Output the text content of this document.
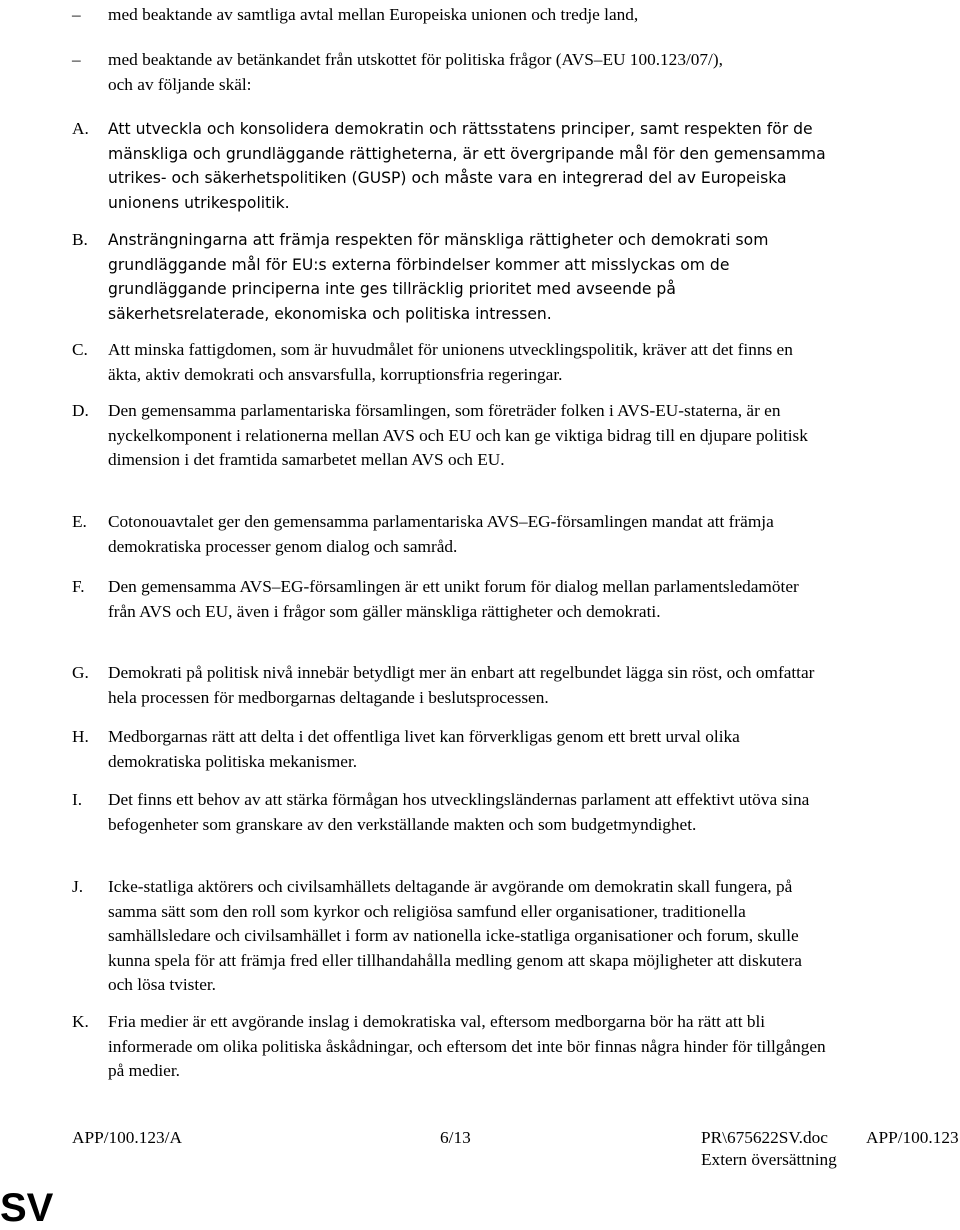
–	med beaktande av samtliga avtal mellan Europeiska unionen och tredje land,
–	med beaktande av betänkandet från utskottet för politiska frågor (AVS–EU 100.123/07/), och av följande skäl:
A.	Att utveckla och konsolidera demokratin och rättsstatens principer, samt respekten för de mänskliga och grundläggande rättigheterna, är ett övergripande mål för den gemensamma utrikes- och säkerhetspolitiken (GUSP) och måste vara en integrerad del av Europeiska unionens utrikespolitik.
B.	Ansträngningarna att främja respekten för mänskliga rättigheter och demokrati som grundläggande mål för EU:s externa förbindelser kommer att misslyckas om de grundläggande principerna inte ges tillräcklig prioritet med avseende på säkerhetsrelaterade, ekonomiska och politiska intressen.
C.	Att minska fattigdomen, som är huvudmålet för unionens utvecklingspolitik, kräver att det finns en äkta, aktiv demokrati och ansvarsfulla, korruptionsfria regeringar.
D.	Den gemensamma parlamentariska församlingen, som företräder folken i AVS-EU-staterna, är en nyckelkomponent i relationerna mellan AVS och EU och kan ge viktiga bidrag till en djupare politisk dimension i det framtida samarbetet mellan AVS och EU.
E.	Cotonouavtalet ger den gemensamma parlamentariska AVS–EG-församlingen mandat att främja demokratiska processer genom dialog och samråd.
F.	Den gemensamma AVS–EG-församlingen är ett unikt forum för dialog mellan parlamentsledamöter från AVS och EU, även i frågor som gäller mänskliga rättigheter och demokrati.
G.	Demokrati på politisk nivå innebär betydligt mer än enbart att regelbundet lägga sin röst, och omfattar hela processen för medborgarnas deltagande i beslutsprocessen.
H.	Medborgarnas rätt att delta i det offentliga livet kan förverkligas genom ett brett urval olika demokratiska politiska mekanismer.
I.	Det finns ett behov av att stärka förmågan hos utvecklingsländernas parlament att effektivt utöva sina befogenheter som granskare av den verkställande makten och som budgetmyndighet.
J.	Icke-statliga aktörers och civilsamhällets deltagande är avgörande om demokratin skall fungera, på samma sätt som den roll som kyrkor och religiösa samfund eller organisationer, traditionella samhällsledare och civilsamhället i form av nationella icke-statliga organisationer och forum, skulle kunna spela för att främja fred eller tillhandahålla medling genom att skapa möjligheter att diskutera och lösa tvister.
K.	Fria medier är ett avgörande inslag i demokratiska val, eftersom medborgarna bör ha rätt att bli informerade om olika politiska åskådningar, och eftersom det inte bör finnas några hinder för tillgången på medier.
APP/100.123/A	6/13	PR\675622SV.doc
Extern översättning
APP/100.123
SV
